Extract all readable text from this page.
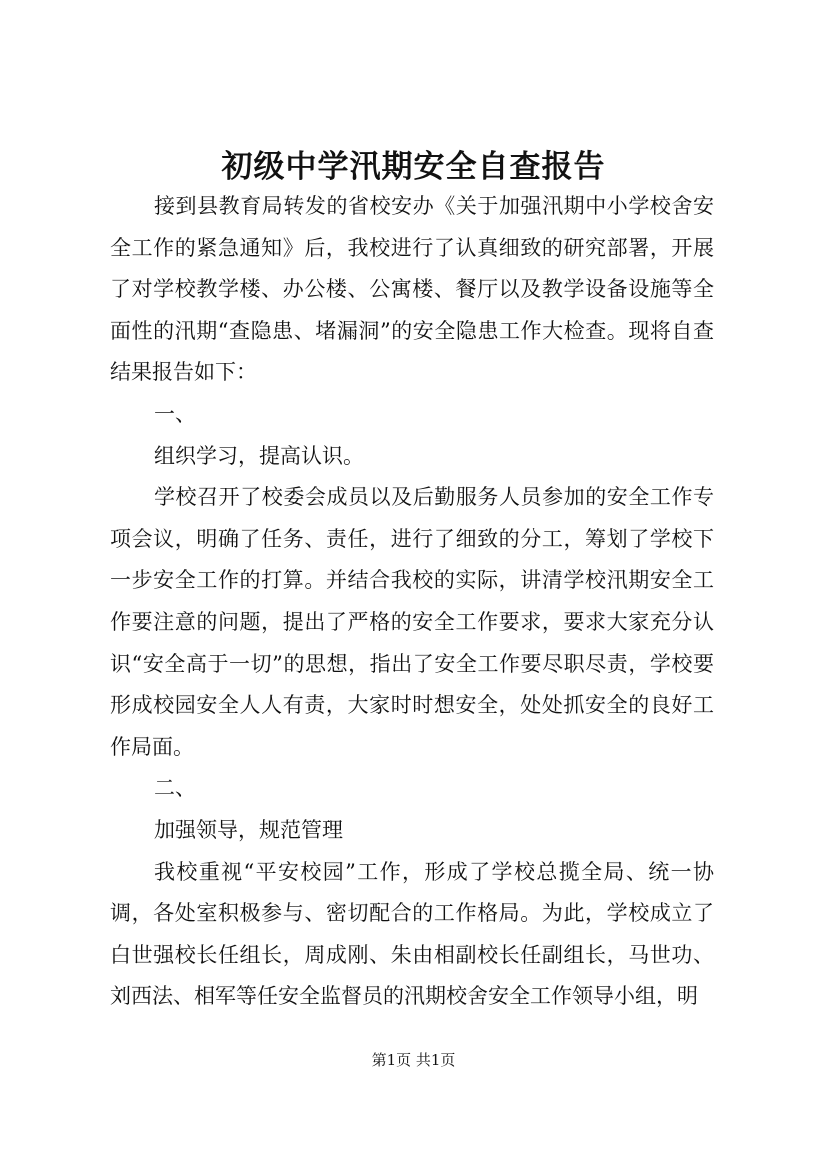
初级中学汛期安全自查报告

接到县教育局转发的省校安办《关于加强汛期中小学校舍安全工作的紧急通知》后，我校进行了认真细致的研究部署，开展了对学校教学楼、办公楼、公寓楼、餐厅以及教学设备设施等全面性的汛期“查隐患、堵漏洞”的安全隐患工作大检查。现将自查结果报告如下：

一、

组织学习，提高认识。

学校召开了校委会成员以及后勤服务人员参加的安全工作专项会议，明确了任务、责任，进行了细致的分工，筹划了学校下一步安全工作的打算。并结合我校的实际，讲清学校汛期安全工作要注意的问题，提出了严格的安全工作要求，要求大家充分认识“安全高于一切”的思想，指出了安全工作要尽职尽责，学校要形成校园安全人人有责，大家时时想安全，处处抓安全的良好工作局面。

二、

加强领导，规范管理

我校重视“平安校园”工作，形成了学校总揽全局、统一协调，各处室积极参与、密切配合的工作格局。为此，学校成立了白世强校长任组长，周成刚、朱由相副校长任副组长，马世功、刘西法、相军等任安全监督员的汛期校舍安全工作领导小组，明

第1页 共1页
